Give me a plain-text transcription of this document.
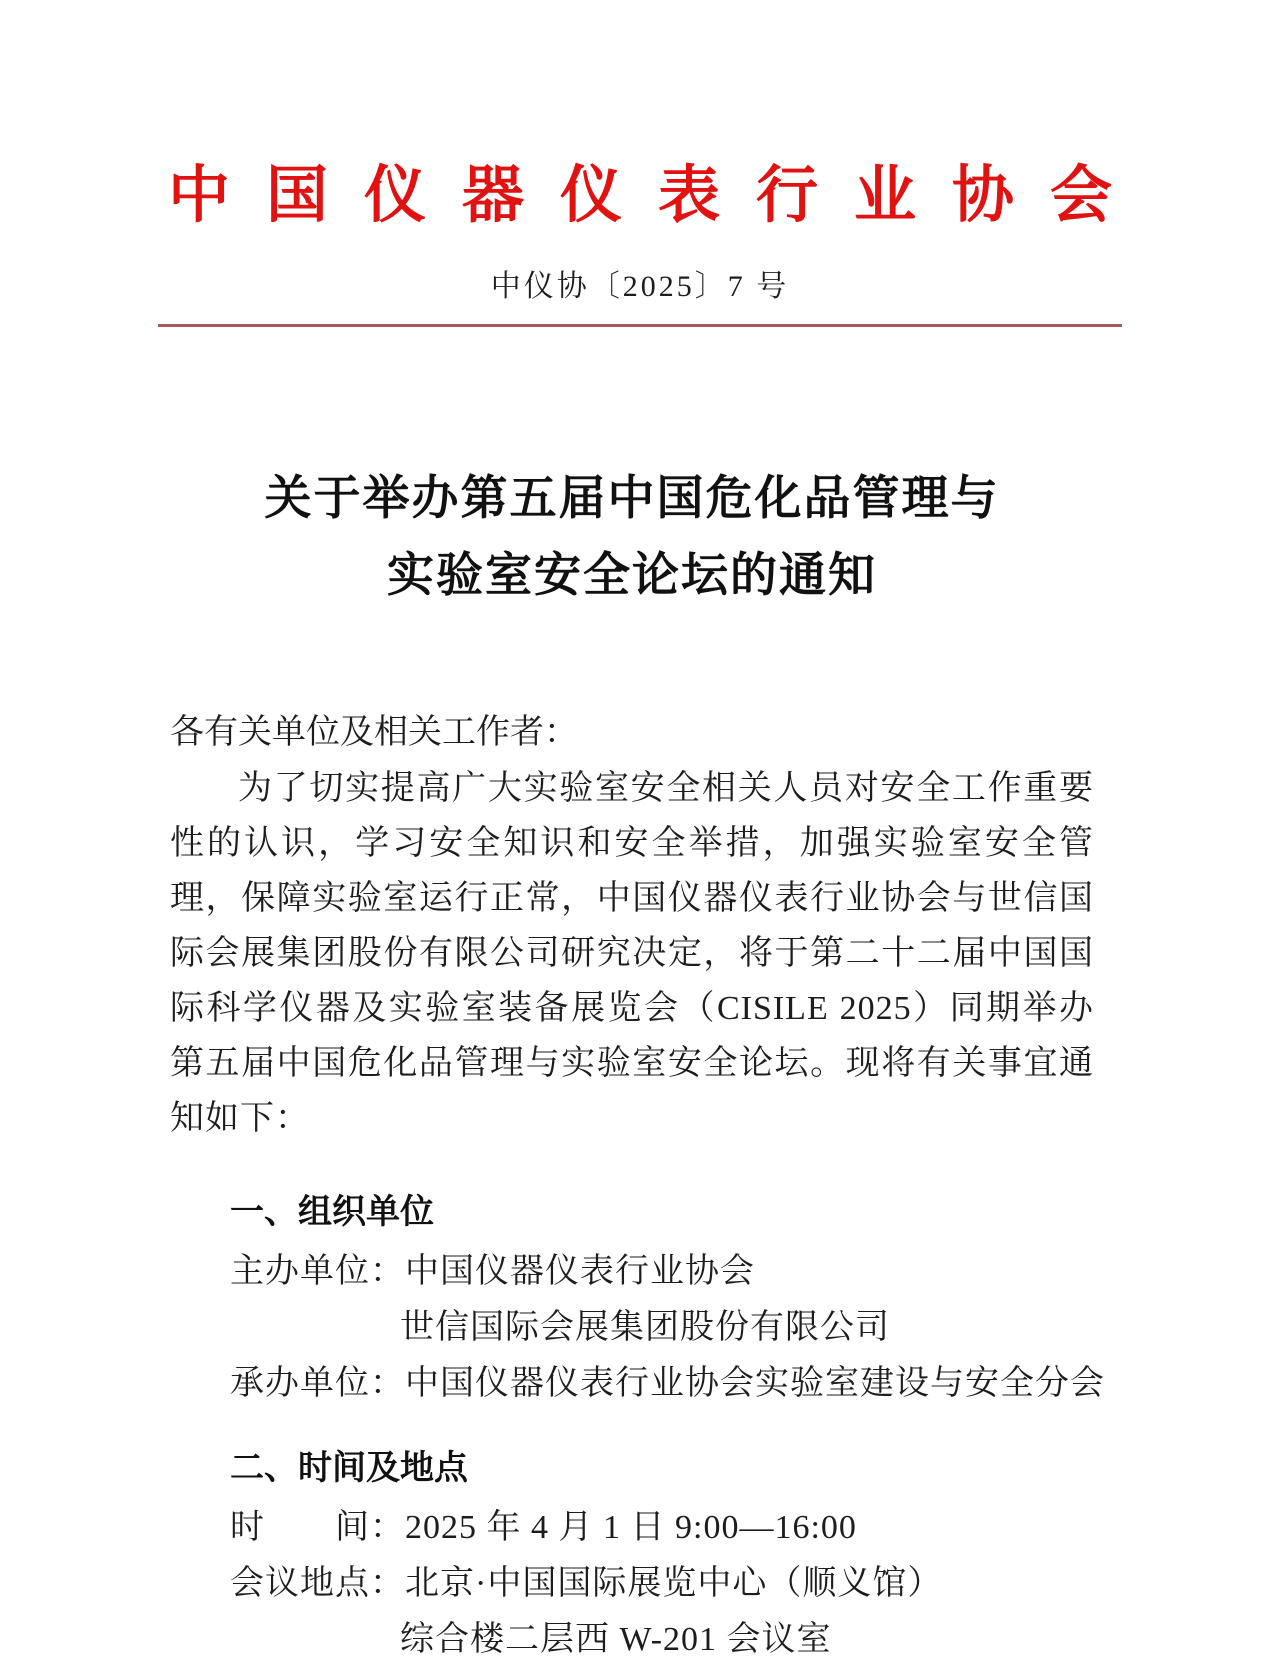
中国仪器仪表行业协会
中仪协〔2025〕7 号
关于举办第五届中国危化品管理与
实验室安全论坛的通知

各有关单位及相关工作者：

为了切实提高广大实验室安全相关人员对安全工作重要性的认识，学习安全知识和安全举措，加强实验室安全管理，保障实验室运行正常，中国仪器仪表行业协会与世信国际会展集团股份有限公司研究决定，将于第二十二届中国国际科学仪器及实验室装备展览会（CISILE 2025）同期举办第五届中国危化品管理与实验室安全论坛。现将有关事宜通知如下：

一、组织单位

主办单位：中国仪器仪表行业协会

世信国际会展集团股份有限公司

承办单位：中国仪器仪表行业协会实验室建设与安全分会

二、时间及地点

时　　间：2025 年 4 月 1 日 9:00—16:00

会议地点：北京·中国国际展览中心（顺义馆）

综合楼二层西 W-201 会议室
